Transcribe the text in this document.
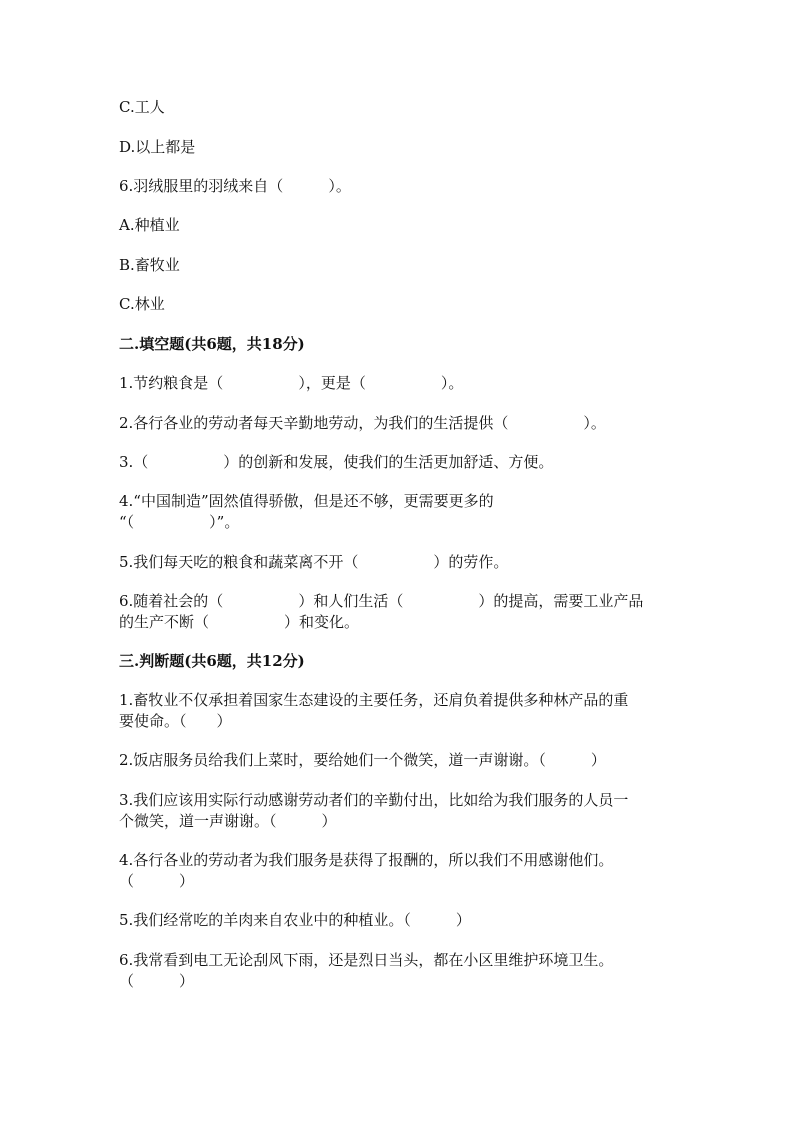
C.工人
D.以上都是
6.羽绒服里的羽绒来自（　　　）。
A.种植业
B.畜牧业
C.林业
二.填空题(共6题，共18分)
1.节约粮食是（　　　　　），更是（　　　　　）。
2.各行各业的劳动者每天辛勤地劳动，为我们的生活提供（　　　　　）。
3.（　　　　　）的创新和发展，使我们的生活更加舒适、方便。
4.“中国制造”固然值得骄傲，但是还不够，更需要更多的
“（　　　　　）”。
5.我们每天吃的粮食和蔬菜离不开（　　　　　）的劳作。
6.随着社会的（　　　　　）和人们生活（　　　　　）的提高，需要工业产品
的生产不断（　　　　　）和变化。
三.判断题(共6题，共12分)
1.畜牧业不仅承担着国家生态建设的主要任务，还肩负着提供多种林产品的重
要使命。（　　）
2.饭店服务员给我们上菜时，要给她们一个微笑，道一声谢谢。（　　　）
3.我们应该用实际行动感谢劳动者们的辛勤付出，比如给为我们服务的人员一
个微笑，道一声谢谢。（　　　）
4.各行各业的劳动者为我们服务是获得了报酬的，所以我们不用感谢他们。
（　　　）
5.我们经常吃的羊肉来自农业中的种植业。（　　　）
6.我常看到电工无论刮风下雨，还是烈日当头，都在小区里维护环境卫生。
（　　　）
